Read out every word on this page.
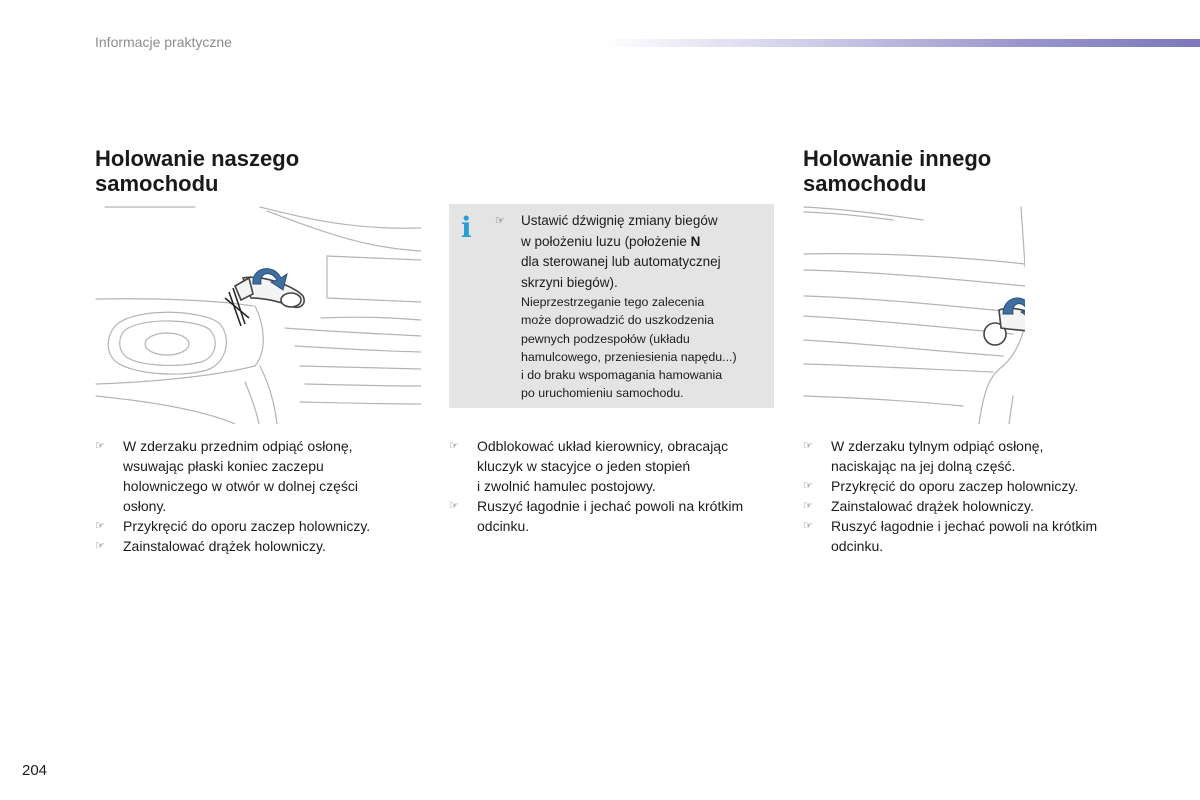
Informacje praktyczne
Holowanie naszego
samochodu
Holowanie innego
samochodu
i ☞ Ustawić dźwignię zmiany biegów

w położeniu luzu (położenie N

dla sterowanej lub automatycznej

skrzyni biegów).

Nieprzestrzeganie tego zalecenia

może doprowadzić do uszkodzenia

pewnych podzespołów (układu

hamulcowego, przeniesienia napędu...)

i do braku wspomagania hamowania

po uruchomieniu samochodu.

☞ W zderzaku przednim odpiąć osłonę,
wsuwając płaski koniec zaczepu
holowniczego w otwór w dolnej części
osłony.
☞ Przykręcić do oporu zaczep holowniczy.
☞ Zainstalować drążek holowniczy.
☞ Odblokować układ kierownicy, obracając
kluczyk w stacyjce o jeden stopień
i zwolnić hamulec postojowy.
☞ Ruszyć łagodnie i jechać powoli na krótkim
odcinku.
☞ W zderzaku tylnym odpiąć osłonę,
naciskając na jej dolną część.
☞ Przykręcić do oporu zaczep holowniczy.
☞ Zainstalować drążek holowniczy.
☞ Ruszyć łagodnie i jechać powoli na krótkim
odcinku.
204
